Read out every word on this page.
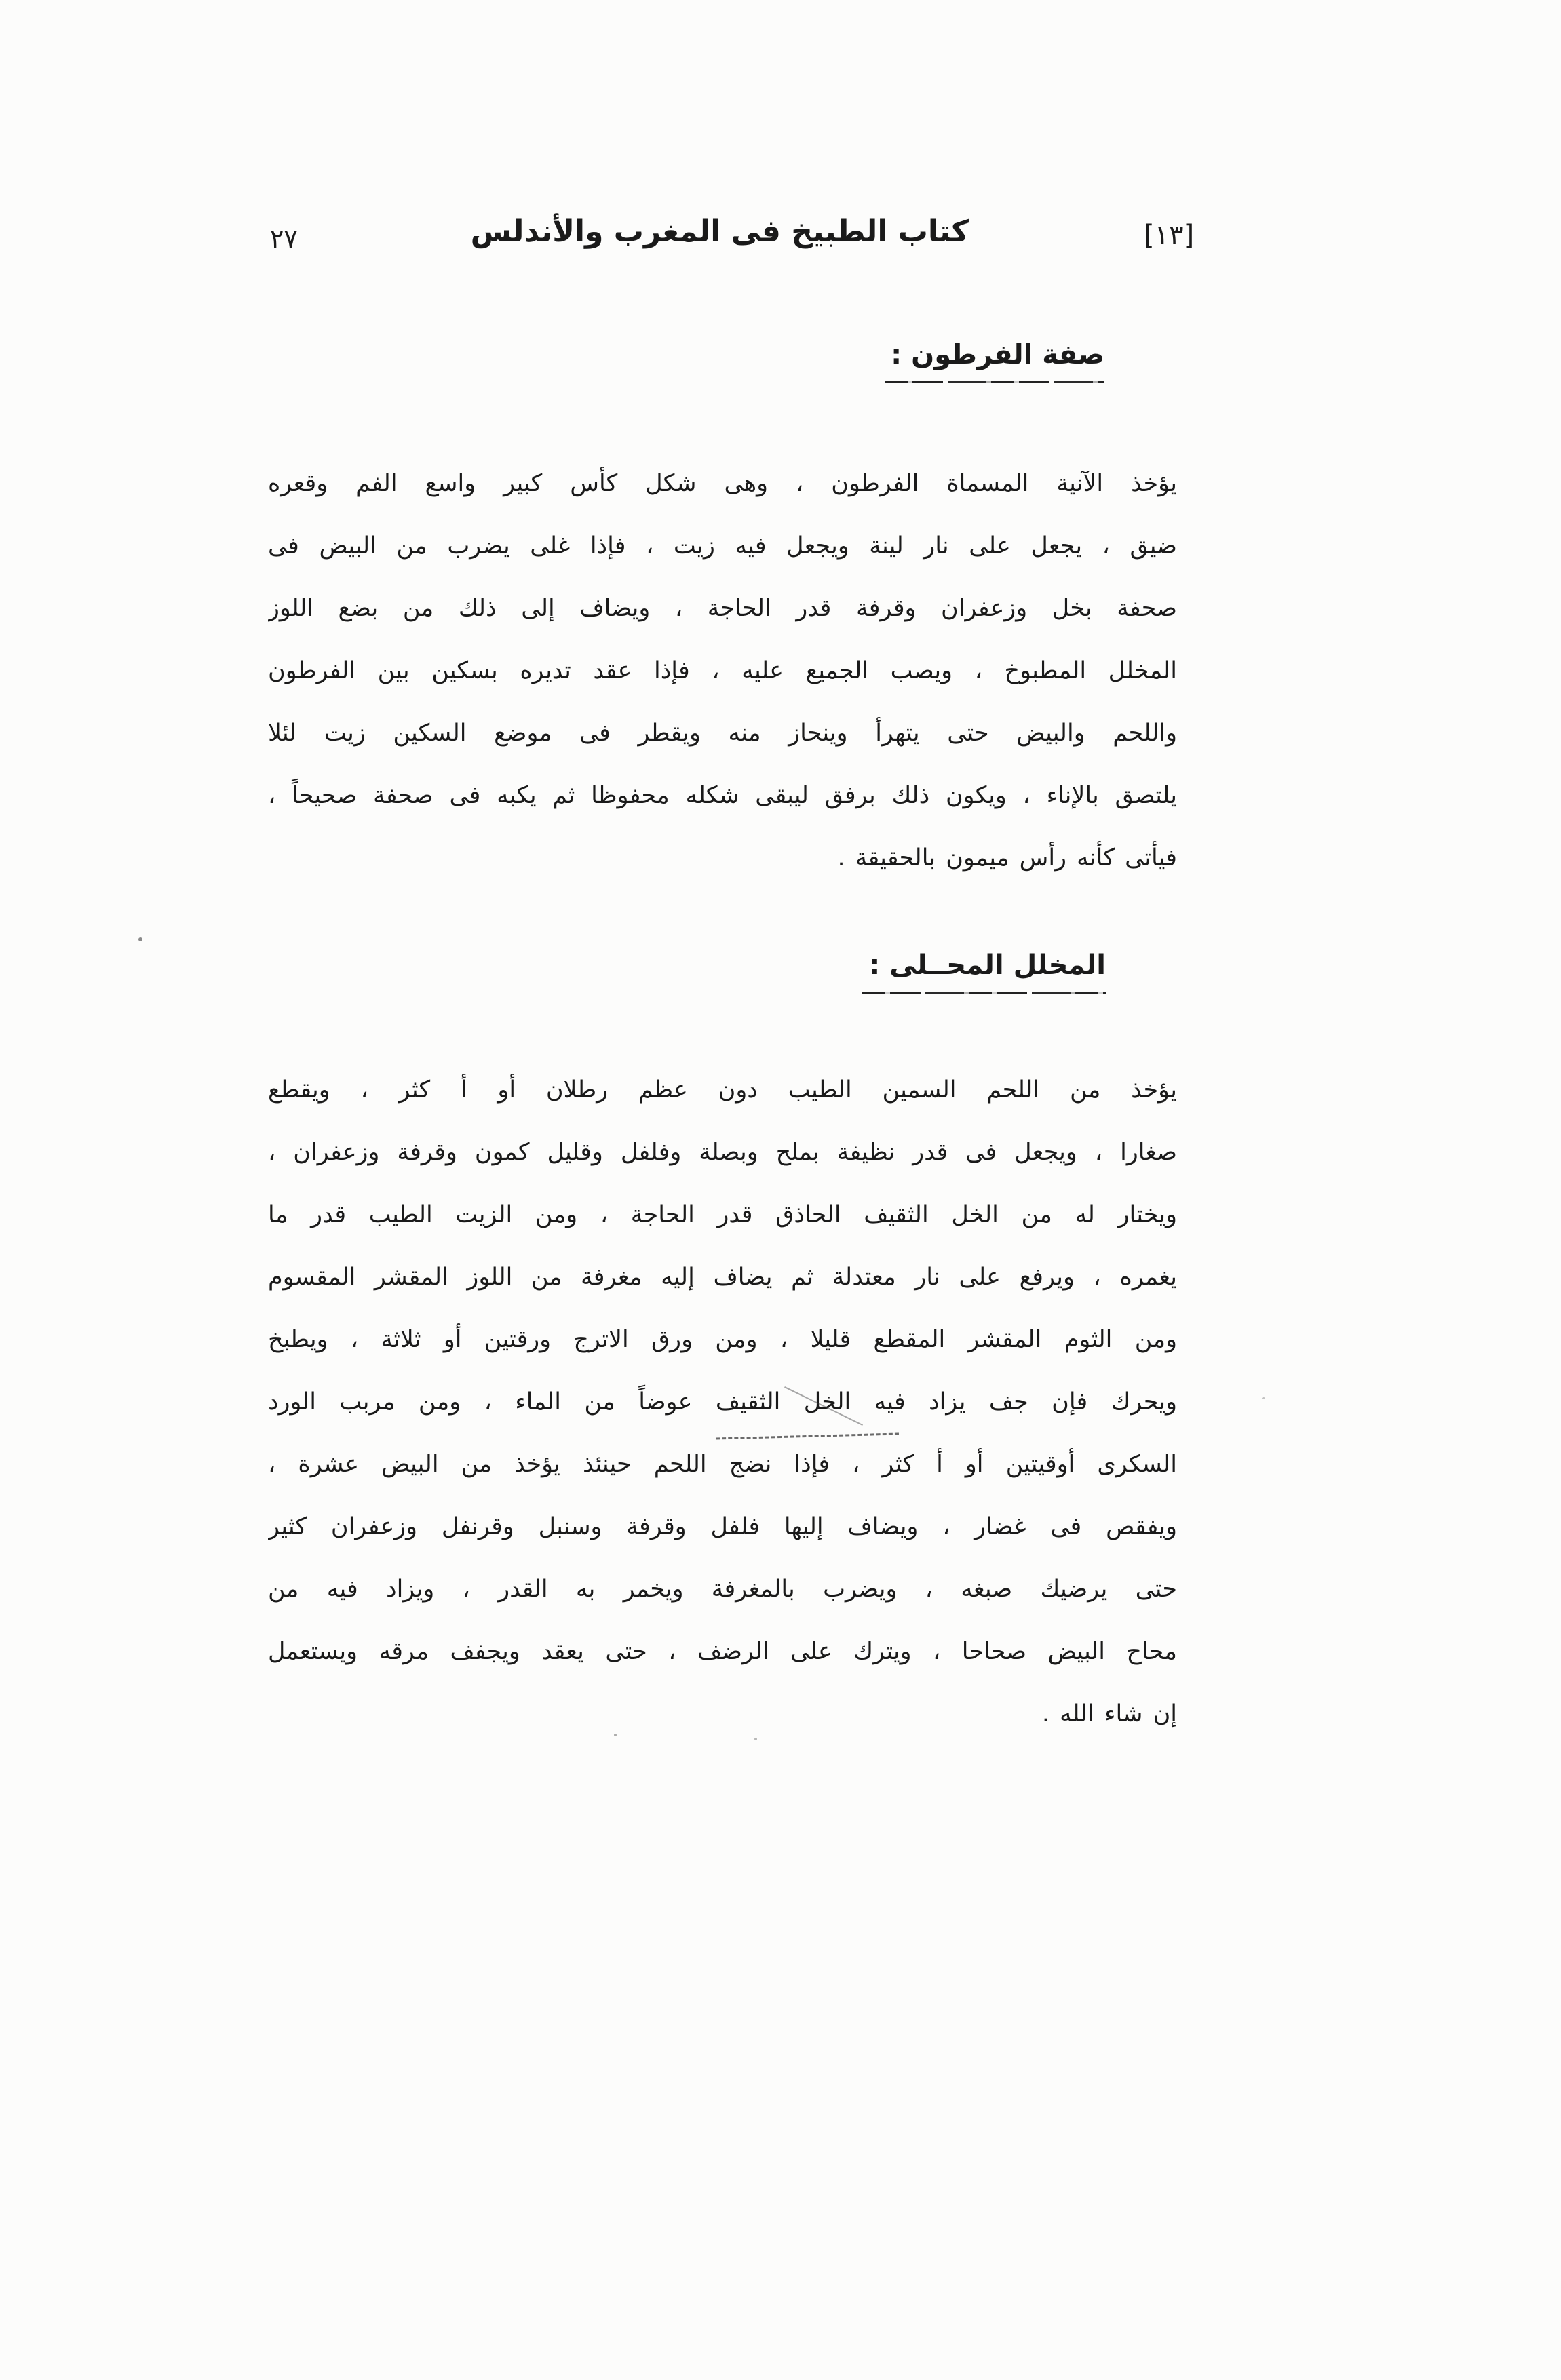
٢٧	كتاب الطبيخ فى المغرب والأندلس	[١٣]
صفة الفرطون :
يؤخذ الآنية المسماة الفرطون ، وهى شكل كأس كبير واسع الفم وقعره
ضيق ، يجعل على نار لينة ويجعل فيه زيت ، فإذا غلى يضرب من البيض فى
صحفة بخل وزعفران وقرفة قدر الحاجة ، ويضاف إلى ذلك من بضع اللوز
المخلل المطبوخ ، ويصب الجميع عليه ، فإذا عقد تديره بسكين بين الفرطون
واللحم والبيض حتى يتهرأ وينحاز منه ويقطر فى موضع السكين زيت لئلا
يلتصق بالإناء ، ويكون ذلك برفق ليبقى شكله محفوظا ثم يكبه فى صحفة صحيحاً ،
فيأتى كأنه رأس ميمون بالحقيقة .
المخلل المحــلى :
يؤخذ من اللحم السمين الطيب دون عظم رطلان أو أ كثر ، ويقطع
صغارا ، ويجعل فى قدر نظيفة بملح وبصلة وفلفل وقليل كمون وقرفة وزعفران ،
ويختار له من الخل الثقيف الحاذق قدر الحاجة ، ومن الزيت الطيب قدر ما
يغمره ، ويرفع على نار معتدلة ثم يضاف إليه مغرفة من اللوز المقشر المقسوم
ومن الثوم المقشر المقطع قليلا ، ومن ورق الاترج ورقتين أو ثلاثة ، ويطبخ
ويحرك فإن جف يزاد فيه الخل الثقيف عوضاً من الماء ، ومن مربب الورد
السكرى أوقيتين أو أ كثر ، فإذا نضج اللحم حينئذ يؤخذ من البيض عشرة ،
ويفقص فى غضار ، ويضاف إليها فلفل وقرفة وسنبل وقرنفل وزعفران كثير
حتى يرضيك صبغه ، ويضرب بالمغرفة ويخمر به القدر ، ويزاد فيه من
محاح البيض صحاحا ، ويترك على الرضف ، حتى يعقد ويجفف مرقه ويستعمل
إن شاء الله .
